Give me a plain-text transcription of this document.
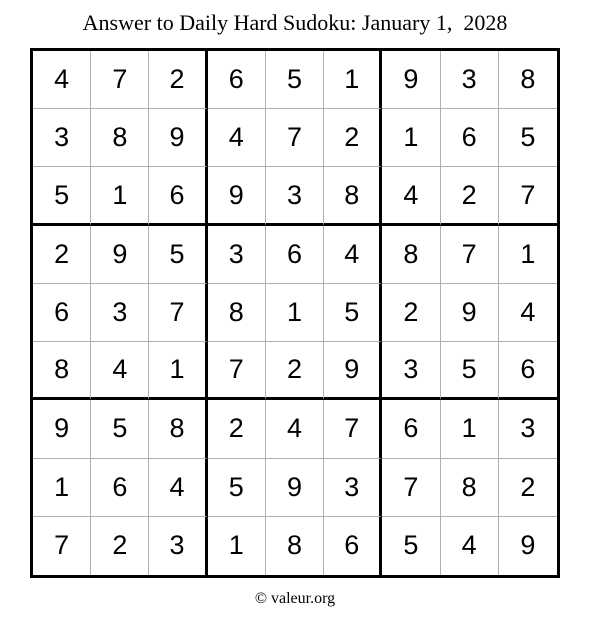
Answer to Daily Hard Sudoku: January 1,  2028
4	7	2	6	5	1	9	3	8
3	8	9	4	7	2	1	6	5
5	1	6	9	3	8	4	2	7
2	9	5	3	6	4	8	7	1
6	3	7	8	1	5	2	9	4
8	4	1	7	2	9	3	5	6
9	5	8	2	4	7	6	1	3
1	6	4	5	9	3	7	8	2
7	2	3	1	8	6	5	4	9
© valeur.org
